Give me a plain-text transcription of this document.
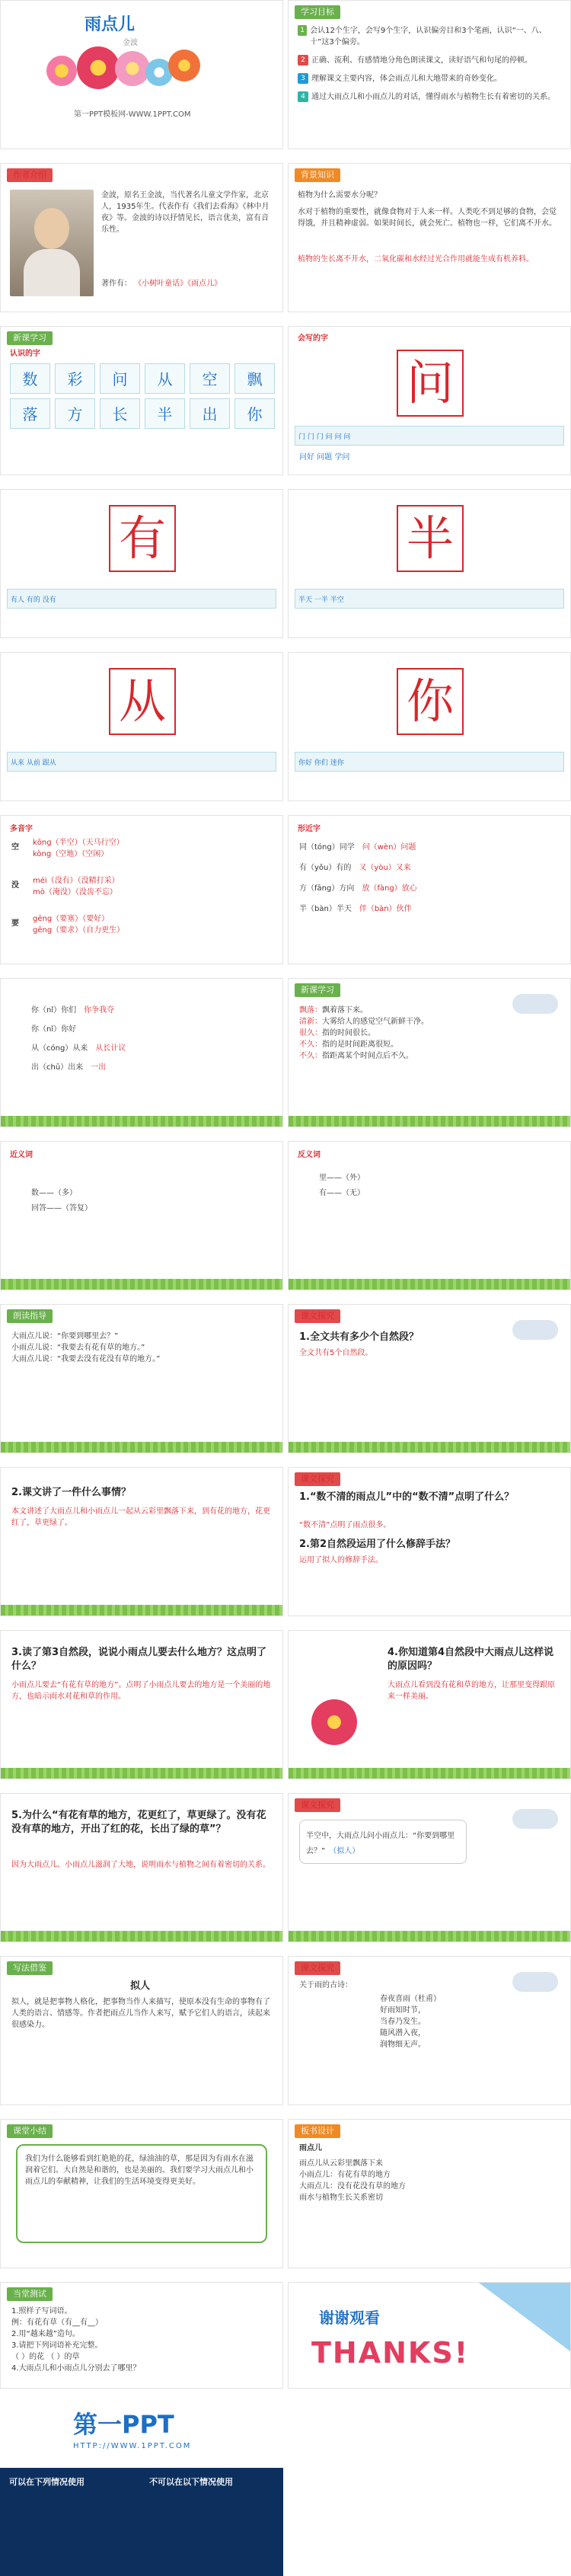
雨点儿
金波
第一PPT模板网-WWW.1PPT.COM
学习目标
1 会认12个生字，会写9个生字，认识偏旁目和3个笔画，认识“一、八、十”这3个偏旁。
2 正确、流利、有感情地分角色朗读课文，读好语气和句尾的停顿。
3 理解课文主要内容，体会雨点儿和大地带来的奇妙变化。
4 通过大雨点儿和小雨点儿的对话，懂得雨水与植物生长有着密切的关系。
作者介绍
金波，原名王金波，当代著名儿童文学作家，北京人，1935年生。代表作有《我们去看海》《林中月夜》等。金波的诗以抒情见长，语言优美，富有音乐性。
著作有： 《小树叶童话》《雨点儿》
背景知识
植物为什么需要水分呢？
水对于植物的重要性，就像食物对于人来一样。人类吃不到足够的食物，会觉得饿，并且精神虚弱。如果时间长，就会死亡。植物也一样，它们离不开水。
植物的生长离不开水，二氧化碳和水经过光合作用就能生成有机养料。
新课学习
认识的字
数	彩	问	从	空	飘
落	方	长	半	出	你
会写的字
问
门 门 门 问 问 问
问好 问题 学问
有
有人 有的 没有
半
半天 一半 半空
从
从来 从前 跟从
你
你好 你们 迷你
多音字
空
kōng（半空）（天马行空）
kòng（空地）（空闲）
没
méi（没有）（没精打采）
mò（淹没）（没齿不忘）
要
gēng（要塞）（要好）
gēng（要求）（自力更生）
形近字
同（tóng）同学　 问（wèn）问题
有（yǒu）有的　 又（yòu）又来
方（fāng）方向　 放（fàng）放心
半（bàn）半天　 伴（bàn）伙伴
你（nǐ）你们　 你争我夺
你（nǐ）你好　
从（cóng）从来　 从长计议
出（chū）出来　 一出
新课学习
飘落：飘着落下来。
清新：大雾给人的感觉空气新鲜干净。
很久：指的时间很长。
不久：指的是时间距离很短。
不久：指距离某个时间点后不久。
近义词
数——（多）
回答——（答复）
反义词
里——（外）
有——（无）
朗读指导
大雨点儿说：“你要到哪里去？”
小雨点儿说：“我要去有花有草的地方。”
大雨点儿说：“我要去没有花没有草的地方。”
课文探究
1.全文共有多少个自然段？
全文共有5个自然段。
2.课文讲了一件什么事情？
本文讲述了大雨点儿和小雨点儿一起从云彩里飘落下来，到有花的地方，花更红了，草更绿了。
课文探究
1.“数不清的雨点儿”中的“数不清”点明了什么？
“数不清”点明了雨点很多。
2.第2自然段运用了什么修辞手法？
运用了拟人的修辞手法。
3.读了第3自然段，说说小雨点儿要去什么地方？这点明了什么？
小雨点儿要去“有花有草的地方”。点明了小雨点儿要去的地方是一个美丽的地方，也暗示雨水对花和草的作用。
4.你知道第4自然段中大雨点儿这样说的原因吗？
大雨点儿看到没有花和草的地方，让那里变得跟原来一样美丽。
5.为什么“有花有草的地方，花更红了，草更绿了。没有花没有草的地方，开出了红的花，长出了绿的草”？
因为大雨点儿、小雨点儿滋润了大地，说明雨水与植物之间有着密切的关系。
课文探究
半空中，大雨点儿问小雨点儿：“你要到哪里去？” （拟人）
写法借鉴
拟人
拟人，就是把事物人格化，把事物当作人来描写，使原本没有生命的事物有了人类的语言、情感等。作者把雨点儿当作人来写，赋予它们人的语言，读起来很感染力。
课文探究
关于雨的古诗：
春夜喜雨（杜甫）
好雨知时节，
当春乃发生。
随风潜入夜，
润物细无声。
课堂小结
我们为什么能够看到红艳艳的花，绿油油的草，那是因为有雨水在滋润着它们。大自然是和谐的，也是美丽的。我们要学习大雨点儿和小雨点儿的奉献精神，让我们的生活环境变得更美好。
板书设计
雨点儿
雨点儿从云彩里飘落下来
小雨点儿：有花有草的地方
大雨点儿：没有花没有草的地方
雨水与植物生长关系密切
当堂测试
1.照样子写词语。
例：有花有草（有__有__）
2.用“越来越”造句。
3.请把下列词语补充完整。
（ ）的花 （ ）的草
4.大雨点儿和小雨点儿分别去了哪里？
谢谢观看
THANKS!
第一PPT
HTTP://WWW.1PPT.COM
可以在下列情况使用	不可以在以下情况使用
